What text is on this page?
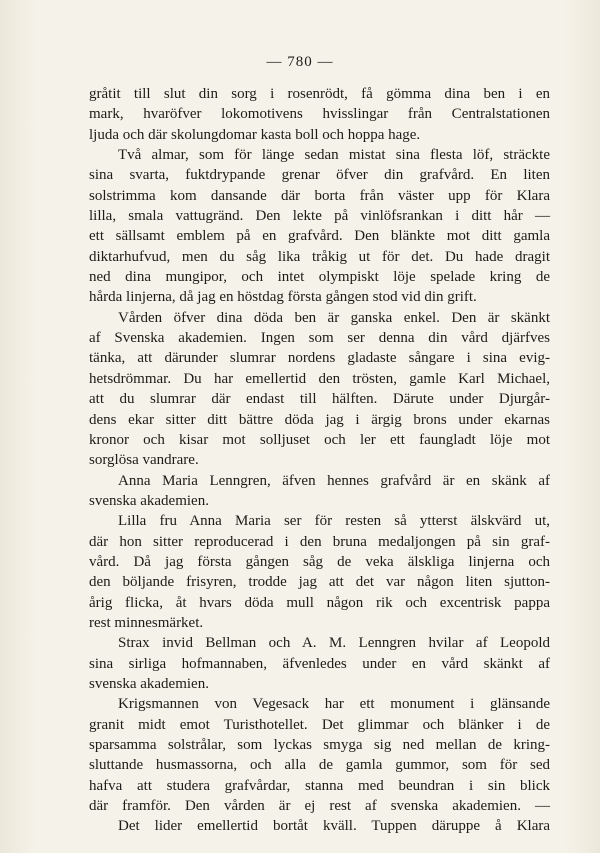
— 780 —
gråtit till slut din sorg i rosenrödt, få gömma dina ben i en
mark, hvaröfver lokomotivens hvisslingar från Centralstationen
ljuda och där skolungdomar kasta boll och hoppa hage.
Två almar, som för länge sedan mistat sina flesta löf, sträckte
sina svarta, fuktdrypande grenar öfver din grafvård. En liten
solstrimma kom dansande där borta från väster upp för Klara
lilla, smala vattugränd. Den lekte på vinlöfsrankan i ditt hår —
ett sällsamt emblem på en grafvård. Den blänkte mot ditt gamla
diktarhufvud, men du såg lika tråkig ut för det. Du hade dragit
ned dina mungipor, och intet olympiskt löje spelade kring de
hårda linjerna, då jag en höstdag första gången stod vid din grift.
Vården öfver dina döda ben är ganska enkel. Den är skänkt
af Svenska akademien. Ingen som ser denna din vård djärfves
tänka, att därunder slumrar nordens gladaste sångare i sina evig-
hetsdrömmar. Du har emellertid den trösten, gamle Karl Michael,
att du slumrar där endast till hälften. Därute under Djurgår-
dens ekar sitter ditt bättre döda jag i ärgig brons under ekarnas
kronor och kisar mot solljuset och ler ett faungladt löje mot
sorglösa vandrare.
Anna Maria Lenngren, äfven hennes grafvård är en skänk af
svenska akademien.
Lilla fru Anna Maria ser för resten så ytterst älskvärd ut,
där hon sitter reproducerad i den bruna medaljongen på sin graf-
vård. Då jag första gången såg de veka älskliga linjerna och
den böljande frisyren, trodde jag att det var någon liten sjutton-
årig flicka, åt hvars döda mull någon rik och excentrisk pappa
rest minnesmärket.
Strax invid Bellman och A. M. Lenngren hvilar af Leopold
sina sirliga hofmannaben, äfvenledes under en vård skänkt af
svenska akademien.
Krigsmannen von Vegesack har ett monument i glänsande
granit midt emot Turisthotellet. Det glimmar och blänker i de
sparsamma solstrålar, som lyckas smyga sig ned mellan de kring-
sluttande husmassorna, och alla de gamla gummor, som för sed
hafva att studera grafvårdar, stanna med beundran i sin blick
där framför. Den vården är ej rest af svenska akademien. —
Det lider emellertid bortåt kväll. Tuppen däruppe å Klara
